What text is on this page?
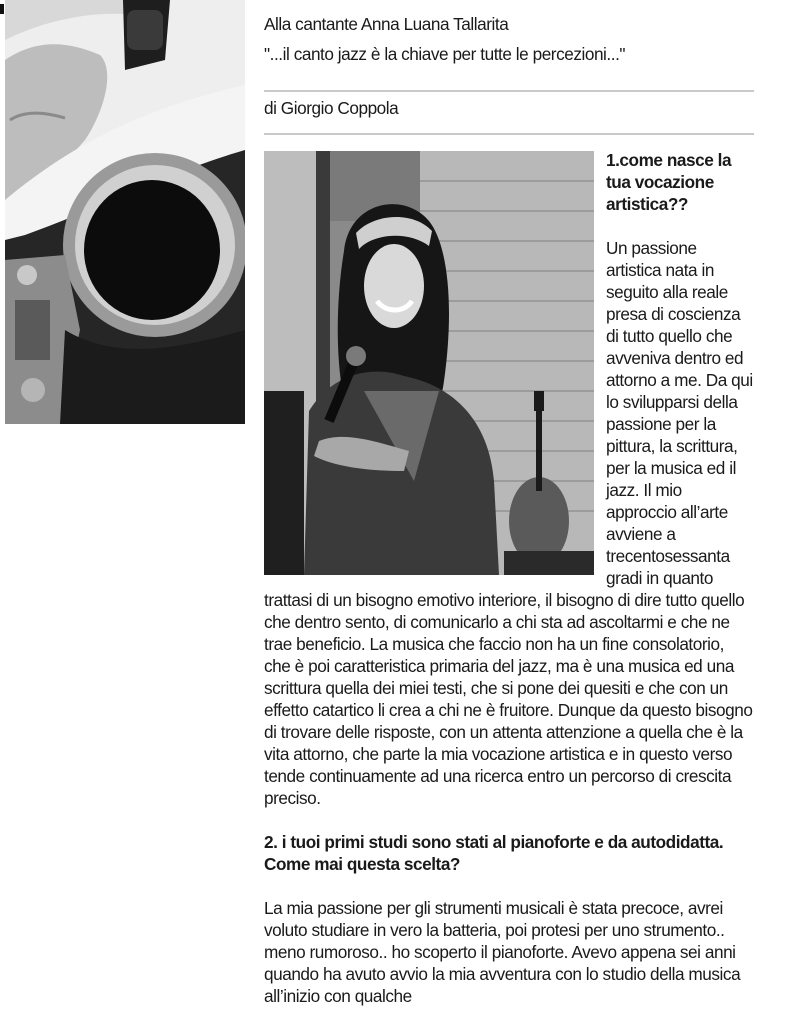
Alla cantante Anna Luana Tallarita

"...il canto jazz è la chiave per tutte le percezioni..."

di Giorgio Coppola

1.come nasce la tua vocazione artistica??

Un passione artistica nata in seguito alla reale presa di coscienza di tutto quello che avveniva dentro ed attorno a me. Da qui lo svilupparsi della passione per la pittura, la scrittura, per la musica ed il jazz. Il mio approccio all’arte avviene a trecentosessanta gradi in quanto trattasi di un bisogno emotivo interiore, il bisogno di dire tutto quello che dentro sento, di comunicarlo a chi sta ad ascoltarmi e che ne trae beneficio. La musica che faccio non ha un fine consolatorio, che è poi caratteristica primaria del jazz, ma è una musica ed una scrittura quella dei miei testi, che si pone dei quesiti e che con un effetto catartico li crea a chi ne è fruitore. Dunque da questo bisogno di trovare delle risposte, con un attenta attenzione a quella che è la vita attorno, che parte la mia vocazione artistica e in questo verso tende continuamente ad una ricerca entro un percorso di crescita preciso.

2. i tuoi primi studi sono stati al pianoforte e da autodidatta. Come mai questa scelta?

La mia passione per gli strumenti musicali è stata precoce, avrei voluto studiare in vero la batteria, poi protesi per uno strumento.. meno rumoroso.. ho scoperto il pianoforte. Avevo appena sei anni quando ha avuto avvio la mia avventura con lo studio della musica all’inizio con qualche
